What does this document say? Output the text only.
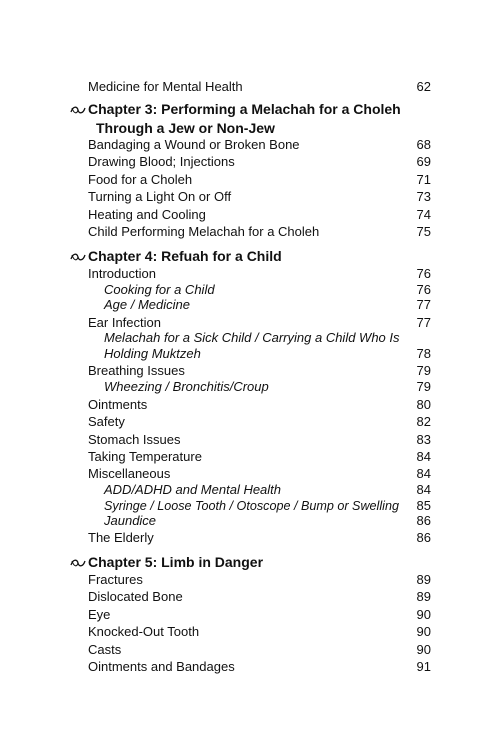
Medicine for Mental Health	62
Chapter 3: Performing a Melachah for a Choleh
Through a Jew or Non-Jew
Bandaging a Wound or Broken Bone	68
Drawing Blood; Injections	69
Food for a Choleh	71
Turning a Light On or Off	73
Heating and Cooling	74
Child Performing Melachah for a Choleh	75
Chapter 4: Refuah for a Child
Introduction	76
Cooking for a Child	76
Age / Medicine	77
Ear Infection	77
Melachah for a Sick Child / Carrying a Child Who Is
Holding Muktzeh	78
Breathing Issues	79
Wheezing / Bronchitis/Croup	79
Ointments	80
Safety	82
Stomach Issues	83
Taking Temperature	84
Miscellaneous	84
ADD/ADHD and Mental Health	84
Syringe / Loose Tooth / Otoscope / Bump or Swelling 85
Jaundice	86
The Elderly	86
Chapter 5: Limb in Danger
Fractures	89
Dislocated Bone	89
Eye	90
Knocked-Out Tooth	90
Casts	90
Ointments and Bandages	91
